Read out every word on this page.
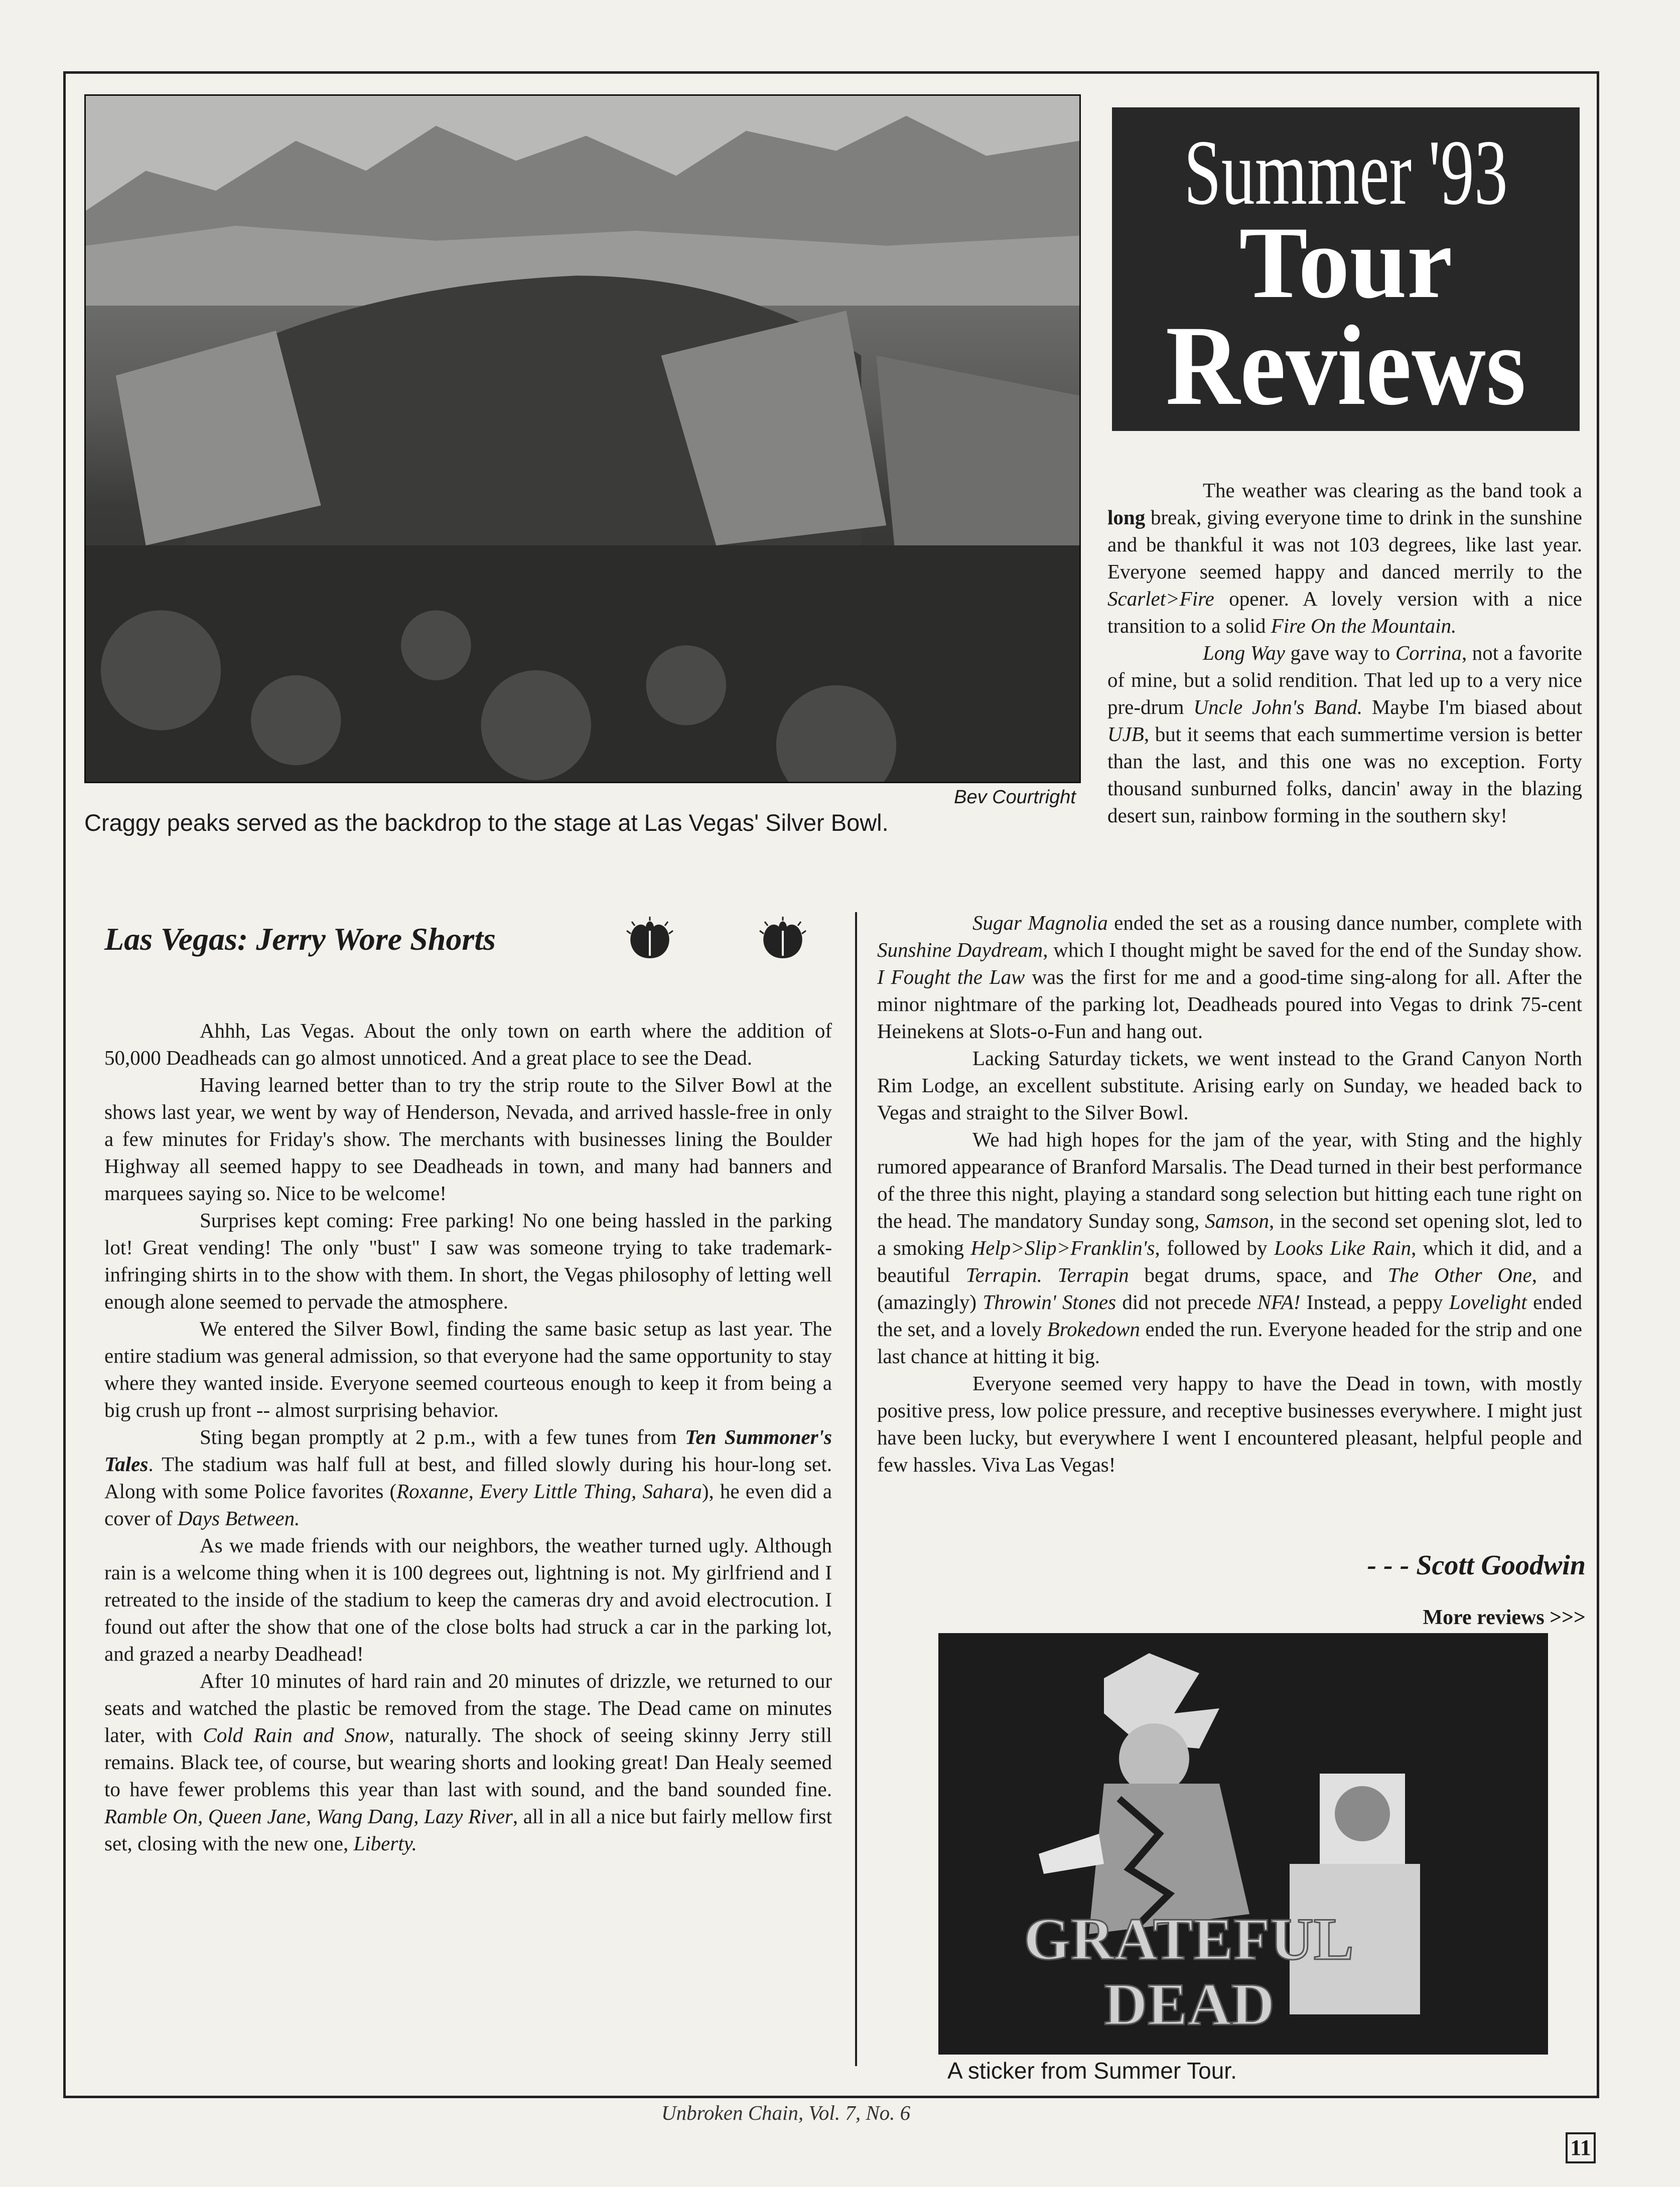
Bev Courtright
Craggy peaks served as the backdrop to the stage at Las Vegas' Silver Bowl.
Summer '93
Tour
Reviews

The weather was clearing as the band took a long break, giving everyone time to drink in the sunshine and be thankful it was not 103 degrees, like last year. Everyone seemed happy and danced merrily to the Scarlet>Fire opener. A lovely version with a nice transition to a solid Fire On the Mountain.

Long Way gave way to Corrina, not a favorite of mine, but a solid rendition. That led up to a very nice pre-drum Uncle John's Band. Maybe I'm biased about UJB, but it seems that each summertime version is better than the last, and this one was no exception. Forty thousand sunburned folks, dancin' away in the blazing desert sun, rainbow forming in the southern sky!

Las Vegas: Jerry Wore Shorts

Ahhh, Las Vegas. About the only town on earth where the addition of 50,000 Deadheads can go almost unnoticed. And a great place to see the Dead.

Having learned better than to try the strip route to the Silver Bowl at the shows last year, we went by way of Henderson, Nevada, and arrived hassle-free in only a few minutes for Friday's show. The merchants with businesses lining the Boulder Highway all seemed happy to see Deadheads in town, and many had banners and marquees saying so. Nice to be welcome!

Surprises kept coming: Free parking! No one being hassled in the parking lot! Great vending! The only "bust" I saw was someone trying to take trademark-infringing shirts in to the show with them. In short, the Vegas philosophy of letting well enough alone seemed to pervade the atmosphere.

We entered the Silver Bowl, finding the same basic setup as last year. The entire stadium was general admission, so that everyone had the same opportunity to stay where they wanted inside. Everyone seemed courteous enough to keep it from being a big crush up front -- almost surprising behavior.

Sting began promptly at 2 p.m., with a few tunes from Ten Summoner's Tales. The stadium was half full at best, and filled slowly during his hour-long set. Along with some Police favorites (Roxanne, Every Little Thing, Sahara), he even did a cover of Days Between.

As we made friends with our neighbors, the weather turned ugly. Although rain is a welcome thing when it is 100 degrees out, lightning is not. My girlfriend and I retreated to the inside of the stadium to keep the cameras dry and avoid electrocution. I found out after the show that one of the close bolts had struck a car in the parking lot, and grazed a nearby Deadhead!

After 10 minutes of hard rain and 20 minutes of drizzle, we returned to our seats and watched the plastic be removed from the stage. The Dead came on minutes later, with Cold Rain and Snow, naturally. The shock of seeing skinny Jerry still remains. Black tee, of course, but wearing shorts and looking great! Dan Healy seemed to have fewer problems this year than last with sound, and the band sounded fine. Ramble On, Queen Jane, Wang Dang, Lazy River, all in all a nice but fairly mellow first set, closing with the new one, Liberty.

Sugar Magnolia ended the set as a rousing dance number, complete with Sunshine Daydream, which I thought might be saved for the end of the Sunday show. I Fought the Law was the first for me and a good-time sing-along for all. After the minor nightmare of the parking lot, Deadheads poured into Vegas to drink 75-cent Heinekens at Slots-o-Fun and hang out.

Lacking Saturday tickets, we went instead to the Grand Canyon North Rim Lodge, an excellent substitute. Arising early on Sunday, we headed back to Vegas and straight to the Silver Bowl.

We had high hopes for the jam of the year, with Sting and the highly rumored appearance of Branford Marsalis. The Dead turned in their best performance of the three this night, playing a standard song selection but hitting each tune right on the head. The mandatory Sunday song, Samson, in the second set opening slot, led to a smoking Help>Slip>Franklin's, followed by Looks Like Rain, which it did, and a beautiful Terrapin. Terrapin begat drums, space, and The Other One, and (amazingly) Throwin' Stones did not precede NFA! Instead, a peppy Lovelight ended the set, and a lovely Brokedown ended the run. Everyone headed for the strip and one last chance at hitting it big.

Everyone seemed very happy to have the Dead in town, with mostly positive press, low police pressure, and receptive businesses everywhere. I might just have been lucky, but everywhere I went I encountered pleasant, helpful people and few hassles. Viva Las Vegas!

- - - Scott Goodwin
More reviews >>>
GRATEFUL
DEAD
A sticker from Summer Tour.
Unbroken Chain, Vol. 7, No. 6
11
